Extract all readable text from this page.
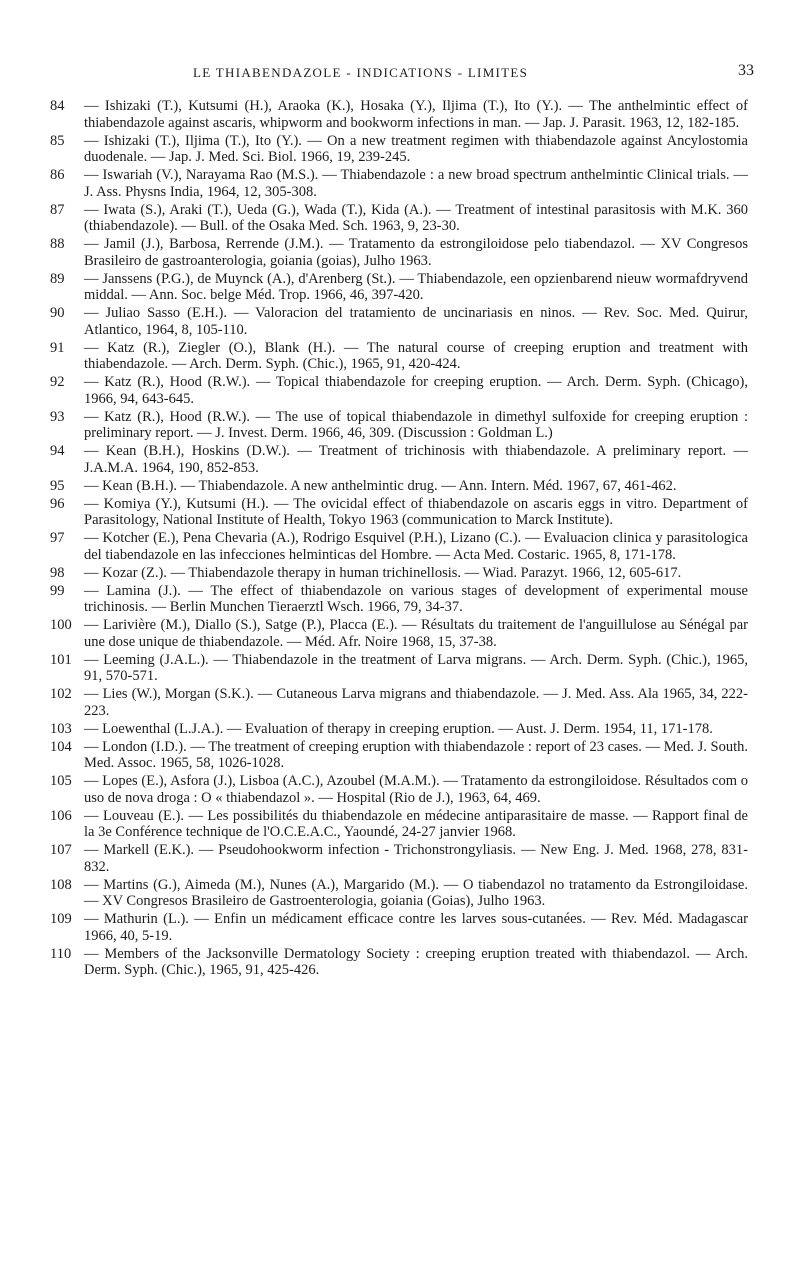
LE THIABENDAZOLE - INDICATIONS - LIMITES	33
84	— Ishizaki (T.), Kutsumi (H.), Araoka (K.), Hosaka (Y.), Iljima (T.), Ito (Y.). — The anthelmintic effect of thiabendazole against ascaris, whipworm and bookworm infections in man. — Jap. J. Parasit. 1963, 12, 182-185.
85	— Ishizaki (T.), Iljima (T.), Ito (Y.). — On a new treatment regimen with thiabendazole against Ancylostomia duodenale. — Jap. J. Med. Sci. Biol. 1966, 19, 239-245.
86	— Iswariah (V.), Narayama Rao (M.S.). — Thiabendazole : a new broad spectrum anthelmintic Clinical trials. — J. Ass. Physns India, 1964, 12, 305-308.
87	— Iwata (S.), Araki (T.), Ueda (G.), Wada (T.), Kida (A.). — Treatment of intestinal parasitosis with M.K. 360 (thiabendazole). — Bull. of the Osaka Med. Sch. 1963, 9, 23-30.
88	— Jamil (J.), Barbosa, Rerrende (J.M.). — Tratamento da estrongiloidose pelo tiabendazol. — XV Congresos Brasileiro de gastroanterologia, goiania (goias), Julho 1963.
89	— Janssens (P.G.), de Muynck (A.), d'Arenberg (St.). — Thiabendazole, een opzienbarend nieuw wormafdryvend middal. — Ann. Soc. belge Méd. Trop. 1966, 46, 397-420.
90	— Juliao Sasso (E.H.). — Valoracion del tratamiento de uncinariasis en ninos. — Rev. Soc. Med. Quirur, Atlantico, 1964, 8, 105-110.
91	— Katz (R.), Ziegler (O.), Blank (H.). — The natural course of creeping eruption and treatment with thiabendazole. — Arch. Derm. Syph. (Chic.), 1965, 91, 420-424.
92	— Katz (R.), Hood (R.W.). — Topical thiabendazole for creeping eruption. — Arch. Derm. Syph. (Chicago), 1966, 94, 643-645.
93	— Katz (R.), Hood (R.W.). — The use of topical thiabendazole in dimethyl sulfoxide for creeping eruption : preliminary report. — J. Invest. Derm. 1966, 46, 309. (Discussion : Goldman L.)
94	— Kean (B.H.), Hoskins (D.W.). — Treatment of trichinosis with thiabendazole. A preliminary report. — J.A.M.A. 1964, 190, 852-853.
95	— Kean (B.H.). — Thiabendazole. A new anthelmintic drug. — Ann. Intern. Méd. 1967, 67, 461-462.
96	— Komiya (Y.), Kutsumi (H.). — The ovicidal effect of thiabendazole on ascaris eggs in vitro. Department of Parasitology, National Institute of Health, Tokyo 1963 (communication to Marck Institute).
97	— Kotcher (E.), Pena Chevaria (A.), Rodrigo Esquivel (P.H.), Lizano (C.). — Evaluacion clinica y parasitologica del tiabendazole en las infecciones helminticas del Hombre. — Acta Med. Costaric. 1965, 8, 171-178.
98	— Kozar (Z.). — Thiabendazole therapy in human trichinellosis. — Wiad. Parazyt. 1966, 12, 605-617.
99	— Lamina (J.). — The effect of thiabendazole on various stages of development of experimental mouse trichinosis. — Berlin Munchen Tieraerztl Wsch. 1966, 79, 34-37.
100 — Larivière (M.), Diallo (S.), Satge (P.), Placca (E.). — Résultats du traitement de l'anguillulose au Sénégal par une dose unique de thiabendazole. — Méd. Afr. Noire 1968, 15, 37-38.
101 — Leeming (J.A.L.). — Thiabendazole in the treatment of Larva migrans. — Arch. Derm. Syph. (Chic.), 1965, 91, 570-571.
102 — Lies (W.), Morgan (S.K.). — Cutaneous Larva migrans and thiabendazole. — J. Med. Ass. Ala 1965, 34, 222-223.
103 — Loewenthal (L.J.A.). — Evaluation of therapy in creeping eruption. — Aust. J. Derm. 1954, 11, 171-178.
104 — London (I.D.). — The treatment of creeping eruption with thiabendazole : report of 23 cases. — Med. J. South. Med. Assoc. 1965, 58, 1026-1028.
105 — Lopes (E.), Asfora (J.), Lisboa (A.C.), Azoubel (M.A.M.). — Tratamento da estrongiloidose. Résultados com o uso de nova droga : O « thiabendazol ». — Hospital (Rio de J.), 1963, 64, 469.
106 — Louveau (E.). — Les possibilités du thiabendazole en médecine antiparasitaire de masse. — Rapport final de la 3e Conférence technique de l'O.C.E.A.C., Yaoundé, 24-27 janvier 1968.
107 — Markell (E.K.). — Pseudohookworm infection - Trichonstrongyliasis. — New Eng. J. Med. 1968, 278, 831-832.
108 — Martins (G.), Aimeda (M.), Nunes (A.), Margarido (M.). — O tiabendazol no tratamento da Estrongiloidase. — XV Congresos Brasileiro de Gastroenterologia, goiania (Goias), Julho 1963.
109 — Mathurin (L.). — Enfin un médicament efficace contre les larves sous-cutanées. — Rev. Méd. Madagascar 1966, 40, 5-19.
110 — Members of the Jacksonville Dermatology Society : creeping eruption treated with thiabendazol. — Arch. Derm. Syph. (Chic.), 1965, 91, 425-426.
